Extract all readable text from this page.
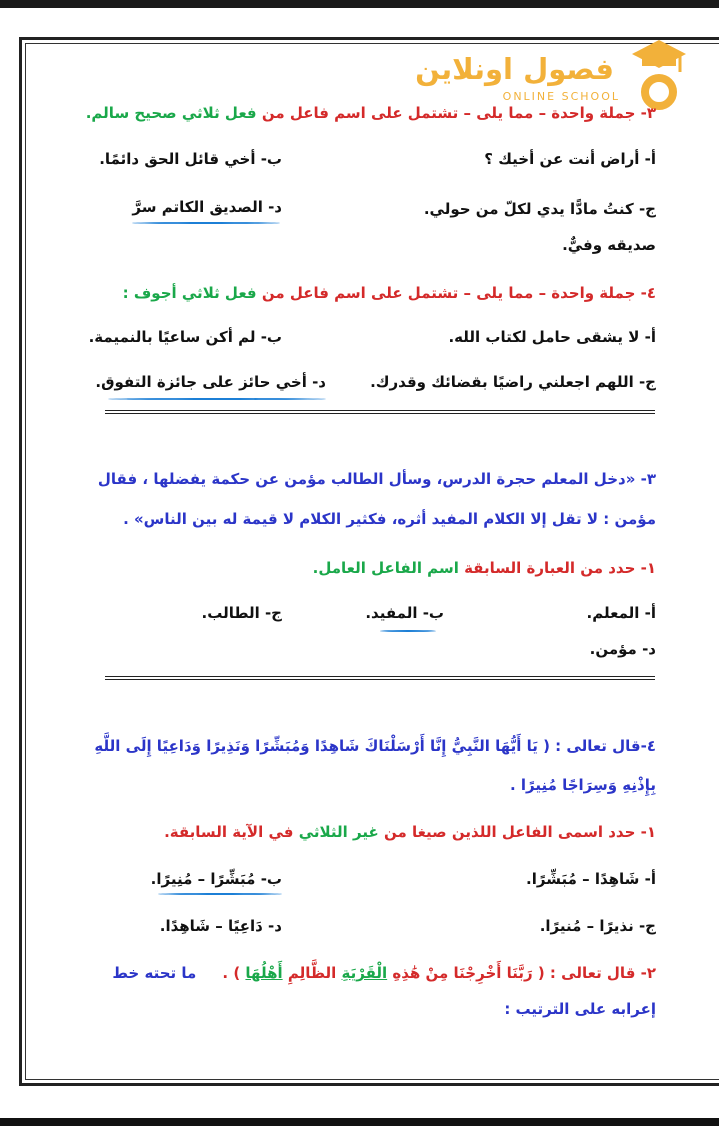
فصول اونلاين
ONLINE SCHOOL
٣- جملة واحدة – مما يلى – تشتمل على اسم فاعل من فعل ثلاثي صحيح سالم.
أ- أراض أنت عن أخيك ؟
ب- أخي قائل الحق دائمًا.
ج- كنتُ مادًّا يدي لكلّ من حولي.
د- الصديق الكاتم سرَّ
صديقه وفيٌّ.
٤- جملة واحدة – مما يلى – تشتمل على اسم فاعل من فعل ثلاثي أجوف :
أ- لا يشقى حامل لكتاب الله.
ب- لم أكن ساعيًا بالنميمة.
ج- اللهم اجعلني راضيًا بقضائك وقدرك.
د- أخي حائز على جائزة التفوق.
٣- «دخل المعلم حجرة الدرس، وسأل الطالب مؤمن عن حكمة يفضلها ، فقال
مؤمن : لا تقل إلا الكلام المفيد أثره، فكثير الكلام لا قيمة له بين الناس» .
١- حدد من العبارة السابقة اسم الفاعل العامل.
أ- المعلم.
ب- المفيد.
ج- الطالب.
د- مؤمن.
٤-قال تعالى : ( يَا أَيُّهَا النَّبِيُّ إِنَّا أَرْسَلْنَاكَ شَاهِدًا وَمُبَشِّرًا وَنَذِيرًا وَدَاعِيًا إِلَى اللَّهِ
بِإِذْنِهِ وَسِرَاجًا مُنِيرًا .
١- حدد اسمى الفاعل اللذين صيغا من غير الثلاثي في الآية السابقة.
أ- شَاهِدًا – مُبَشِّرًا.
ب- مُبَشِّرًا – مُنِيرًا.
ج- نذيرًا – مُنيرًا.
د- دَاعِيًا – شَاهِدًا.
٢- قال تعالى : ( رَبَّنَا أَخْرِجْنَا مِنْ هَٰذِهِ الْقَرْيَةِ الظَّالِمِ أَهْلُهَا ) .     ما تحته خط
إعرابه على الترتيب :
